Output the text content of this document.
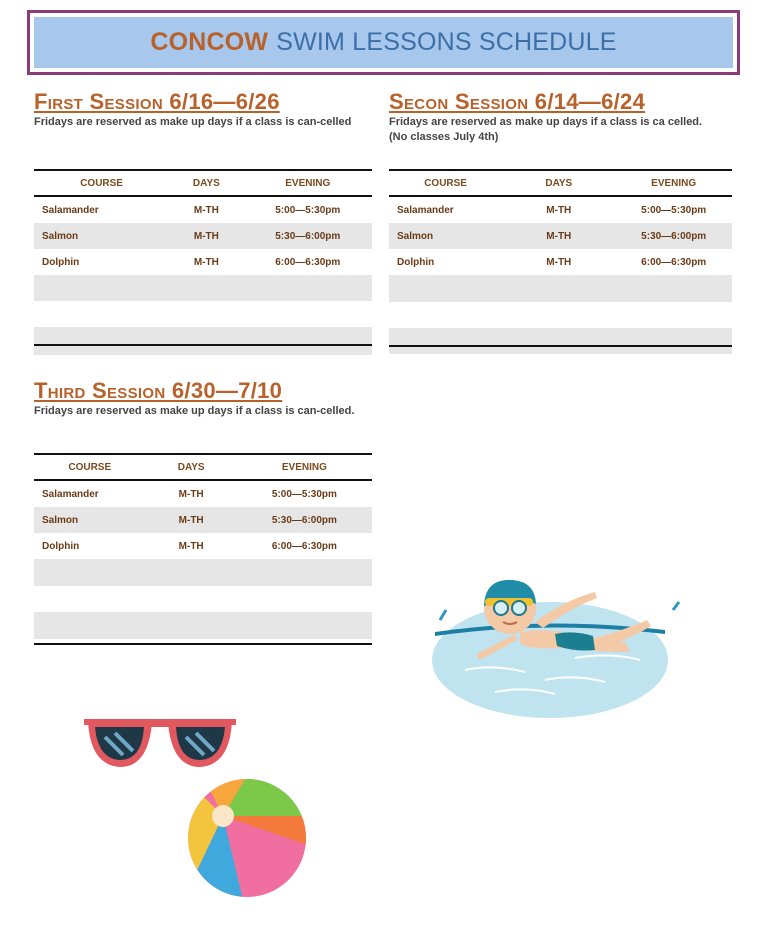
CONCOW SWIM LESSONS SCHEDULE
First Session 6/16—6/26
Fridays are reserved as make up days if a class is can-celled
COURSE	DAYS	EVENING
Salamander	M-TH	5:00—5:30pm
Salmon	M-TH	5:30—6:00pm
Dolphin	M-TH	6:00—6:30pm

Secon Session 6/14—6/24
Fridays are reserved as make up days if a class is ca celled.(No classes July 4th)
COURSE	DAYS	EVENING
Salamander	M-TH	5:00—5:30pm
Salmon	M-TH	5:30—6:00pm
Dolphin	M-TH	6:00—6:30pm

Third Session 6/30—7/10
Fridays are reserved as make up days if a class is can-celled.
COURSE	DAYS	EVENING
Salamander	M-TH	5:00—5:30pm
Salmon	M-TH	5:30—6:00pm
Dolphin	M-TH	6:00—6:30pm
